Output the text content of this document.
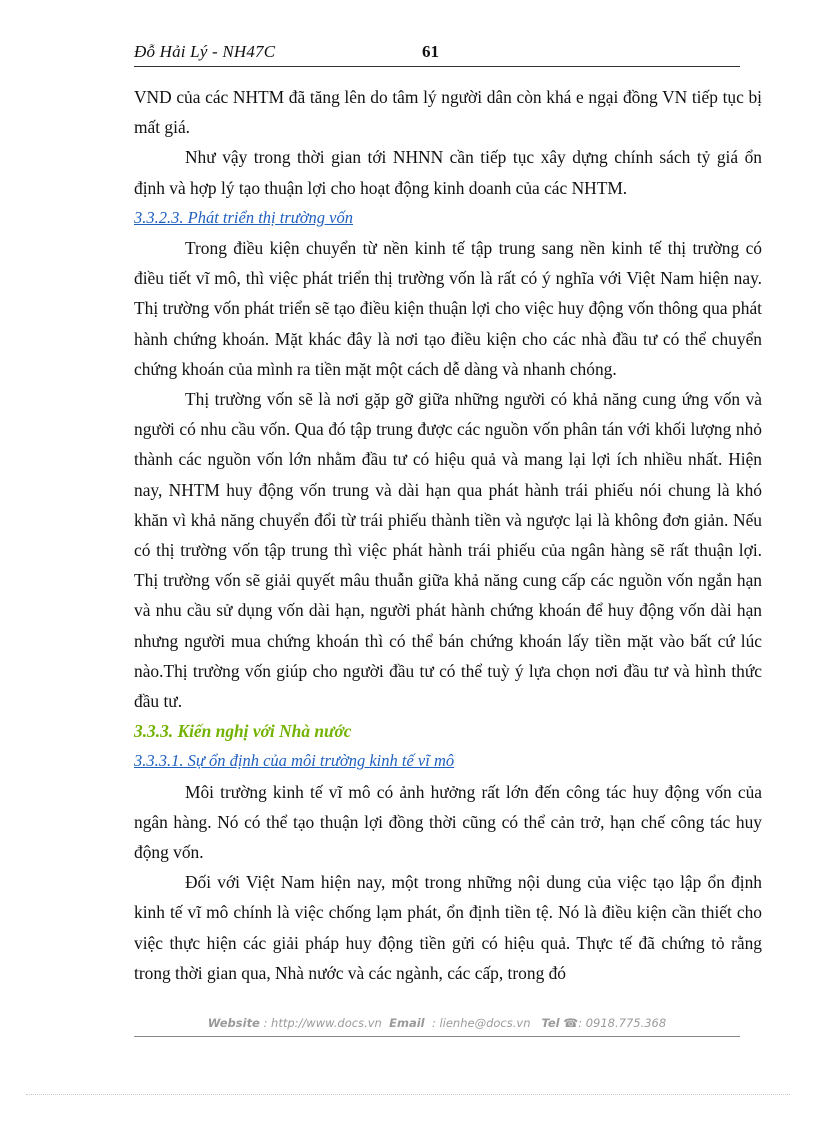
Đỗ Hải Lý - NH47C	61

VND của các NHTM đã tăng lên do tâm lý người dân còn khá e ngại đồng VN tiếp tục bị mất giá.

Như vậy trong thời gian tới NHNN cần tiếp tục xây dựng chính sách tỷ giá ổn định và hợp lý tạo thuận lợi cho hoạt động kinh doanh của các NHTM.

3.3.2.3. Phát triển thị trường vốn

Trong điều kiện chuyển từ nền kinh tế tập trung sang nền kinh tế thị trường có điều tiết vĩ mô, thì việc phát triển thị trường vốn là rất có ý nghĩa với Việt Nam hiện nay. Thị trường vốn phát triển sẽ tạo điều kiện thuận lợi cho việc huy động vốn thông qua phát hành chứng khoán. Mặt khác đây là nơi tạo điều kiện cho các nhà đầu tư có thể chuyển chứng khoán của mình ra tiền mặt một cách dễ dàng và nhanh chóng.

Thị trường vốn sẽ là nơi gặp gỡ giữa những người có khả năng cung ứng vốn và người có nhu cầu vốn. Qua đó tập trung được các nguồn vốn phân tán với khối lượng nhỏ thành các nguồn vốn lớn nhằm đầu tư có hiệu quả và mang lại lợi ích nhiều nhất. Hiện nay, NHTM huy động vốn trung và dài hạn qua phát hành trái phiếu nói chung là khó khăn vì khả năng chuyển đổi từ trái phiếu thành tiền và ngược lại là không đơn giản. Nếu có thị trường vốn tập trung thì việc phát hành trái phiếu của ngân hàng sẽ rất thuận lợi. Thị trường vốn sẽ giải quyết mâu thuẫn giữa khả năng cung cấp các nguồn vốn ngắn hạn và nhu cầu sử dụng vốn dài hạn, người phát hành chứng khoán để huy động vốn dài hạn nhưng người mua chứng khoán thì có thể bán chứng khoán lấy tiền mặt vào bất cứ lúc nào.Thị trường vốn giúp cho người đầu tư có thể tuỳ ý lựa chọn nơi đầu tư và hình thức đầu tư.

3.3.3. Kiến nghị với Nhà nước
3.3.3.1. Sự ổn định của môi trường kinh tế vĩ mô

Môi trường kinh tế vĩ mô có ảnh hưởng rất lớn đến công tác huy động vốn của ngân hàng. Nó có thể tạo thuận lợi đồng thời cũng có thể cản trở, hạn chế công tác huy động vốn.

Đối với Việt Nam hiện nay, một trong những nội dung của việc tạo lập ổn định kinh tế vĩ mô chính là việc chống lạm phát, ổn định tiền tệ. Nó là điều kiện cần thiết cho việc thực hiện các giải pháp huy động tiền gửi có hiệu quả. Thực tế đã chứng tỏ rằng trong thời gian qua, Nhà nước và các ngành, các cấp, trong đó

Website : http://www.docs.vn Email : lienhe@docs.vn Tel ☎: 0918.775.368
